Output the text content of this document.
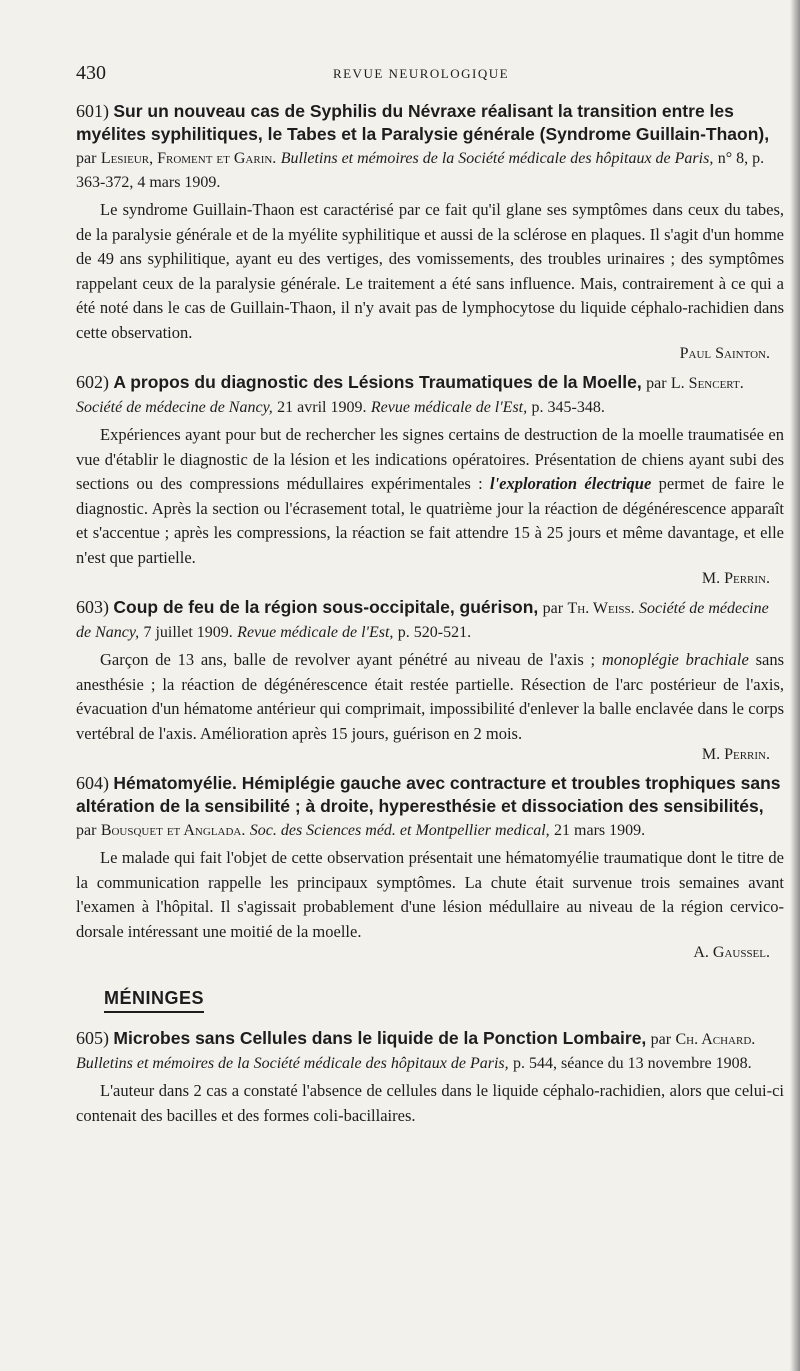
430	REVUE NEUROLOGIQUE

601) Sur un nouveau cas de Syphilis du Névraxe réalisant la transition entre les myélites syphilitiques, le Tabes et la Paralysie générale (Syndrome Guillain-Thaon), par Lesieur, Froment et Garin. Bulletins et mémoires de la Société médicale des hôpitaux de Paris, n° 8, p. 363-372, 4 mars 1909.

Le syndrome Guillain-Thaon est caractérisé par ce fait qu'il glane ses symptômes dans ceux du tabes, de la paralysie générale et de la myélite syphilitique et aussi de la sclérose en plaques. Il s'agit d'un homme de 49 ans syphilitique, ayant eu des vertiges, des vomissements, des troubles urinaires ; des symptômes rappelant ceux de la paralysie générale. Le traitement a été sans influence. Mais, contrairement à ce qui a été noté dans le cas de Guillain-Thaon, il n'y avait pas de lymphocytose du liquide céphalo-rachidien dans cette observation.

Paul Sainton.

602) A propos du diagnostic des Lésions Traumatiques de la Moelle, par L. Sencert. Société de médecine de Nancy, 21 avril 1909. Revue médicale de l'Est, p. 345-348.

Expériences ayant pour but de rechercher les signes certains de destruction de la moelle traumatisée en vue d'établir le diagnostic de la lésion et les indications opératoires. Présentation de chiens ayant subi des sections ou des compressions médullaires expérimentales : l'exploration électrique permet de faire le diagnostic. Après la section ou l'écrasement total, le quatrième jour la réaction de dégénérescence apparaît et s'accentue ; après les compressions, la réaction se fait attendre 15 à 25 jours et même davantage, et elle n'est que partielle.

M. Perrin.

603) Coup de feu de la région sous-occipitale, guérison, par Th. Weiss. Société de médecine de Nancy, 7 juillet 1909. Revue médicale de l'Est, p. 520-521.

Garçon de 13 ans, balle de revolver ayant pénétré au niveau de l'axis ; monoplégie brachiale sans anesthésie ; la réaction de dégénérescence était restée partielle. Résection de l'arc postérieur de l'axis, évacuation d'un hématome antérieur qui comprimait, impossibilité d'enlever la balle enclavée dans le corps vertébral de l'axis. Amélioration après 15 jours, guérison en 2 mois.

M. Perrin.

604) Hématomyélie. Hémiplégie gauche avec contracture et troubles trophiques sans altération de la sensibilité ; à droite, hyperesthésie et dissociation des sensibilités, par Bousquet et Anglada. Soc. des Sciences méd. et Montpellier medical, 21 mars 1909.

Le malade qui fait l'objet de cette observation présentait une hématomyélie traumatique dont le titre de la communication rappelle les principaux symptômes. La chute était survenue trois semaines avant l'examen à l'hôpital. Il s'agissait probablement d'une lésion médullaire au niveau de la région cervico-dorsale intéressant une moitié de la moelle.

A. Gaussel.

MÉNINGES

605) Microbes sans Cellules dans le liquide de la Ponction Lombaire, par Ch. Achard. Bulletins et mémoires de la Société médicale des hôpitaux de Paris, p. 544, séance du 13 novembre 1908.

L'auteur dans 2 cas a constaté l'absence de cellules dans le liquide céphalo-rachidien, alors que celui-ci contenait des bacilles et des formes coli-bacillaires.
